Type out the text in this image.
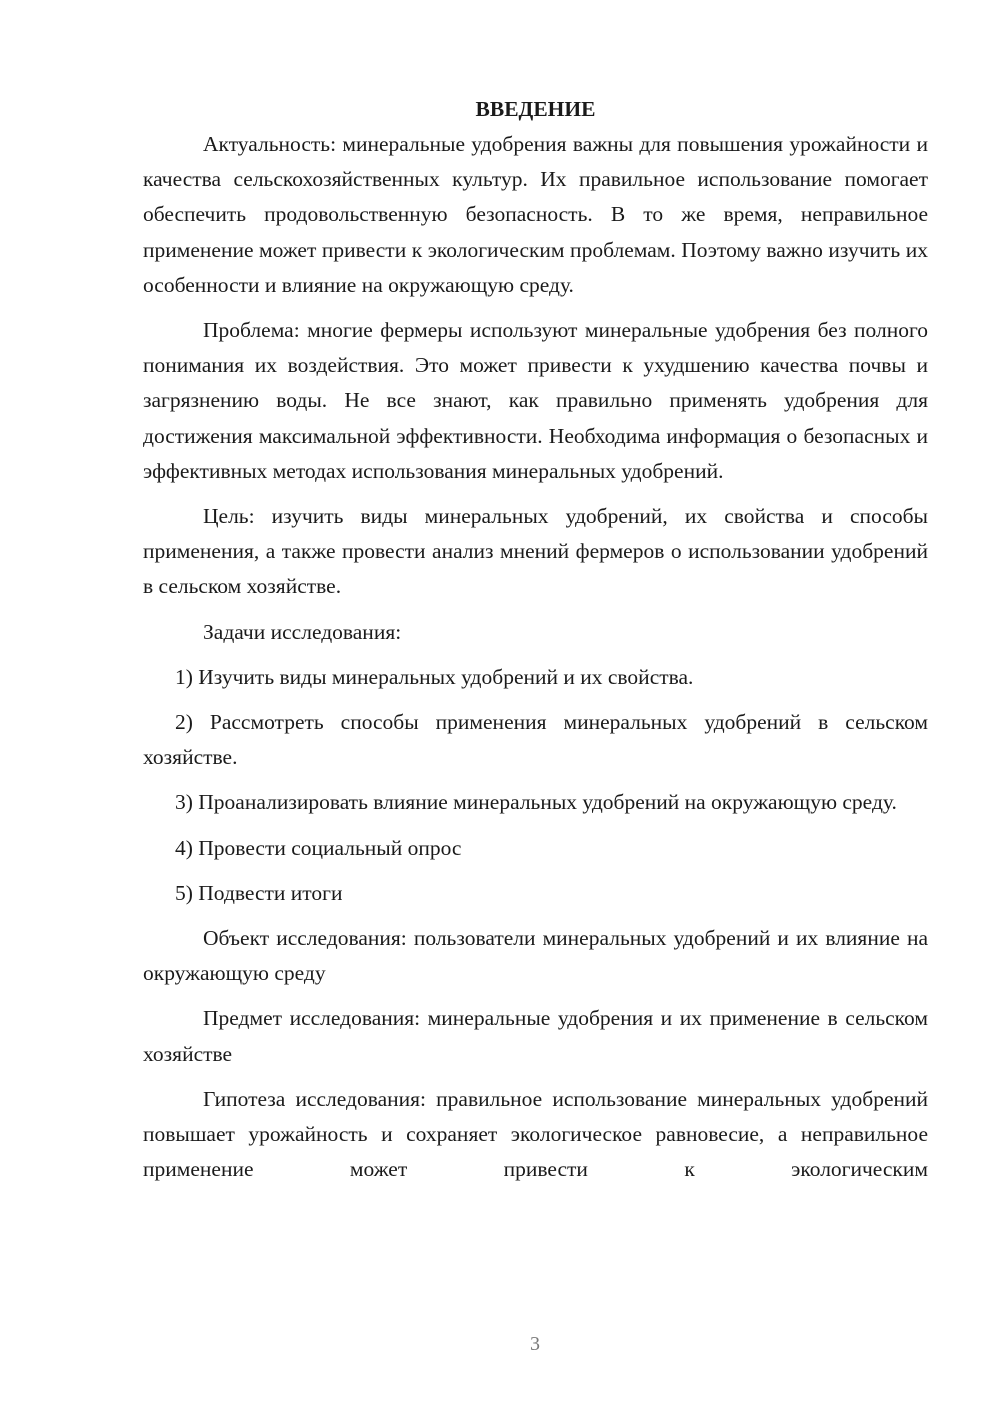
ВВЕДЕНИЕ

Актуальность: минеральные удобрения важны для повышения урожайности и качества сельскохозяйственных культур. Их правильное использование помогает обеспечить продовольственную безопасность. В то же время, неправильное применение может привести к экологическим проблемам. Поэтому важно изучить их особенности и влияние на окружающую среду.

Проблема: многие фермеры используют минеральные удобрения без полного понимания их воздействия. Это может привести к ухудшению качества почвы и загрязнению воды. Не все знают, как правильно применять удобрения для достижения максимальной эффективности. Необходима информация о безопасных и эффективных методах использования минеральных удобрений.

Цель: изучить виды минеральных удобрений, их свойства и способы применения, а также провести анализ мнений фермеров о использовании удобрений в сельском хозяйстве.

Задачи исследования:

1) Изучить виды минеральных удобрений и их свойства.

2) Рассмотреть способы применения минеральных удобрений в сельском хозяйстве.

3) Проанализировать влияние минеральных удобрений на окружающую среду.

4) Провести социальный опрос

5) Подвести итоги

Объект исследования: пользователи минеральных удобрений и их влияние на окружающую среду

Предмет исследования: минеральные удобрения и их применение в сельском хозяйстве

Гипотеза исследования: правильное использование минеральных удобрений повышает урожайность и сохраняет экологическое равновесие, а неправильное применение может привести к экологическим

3
